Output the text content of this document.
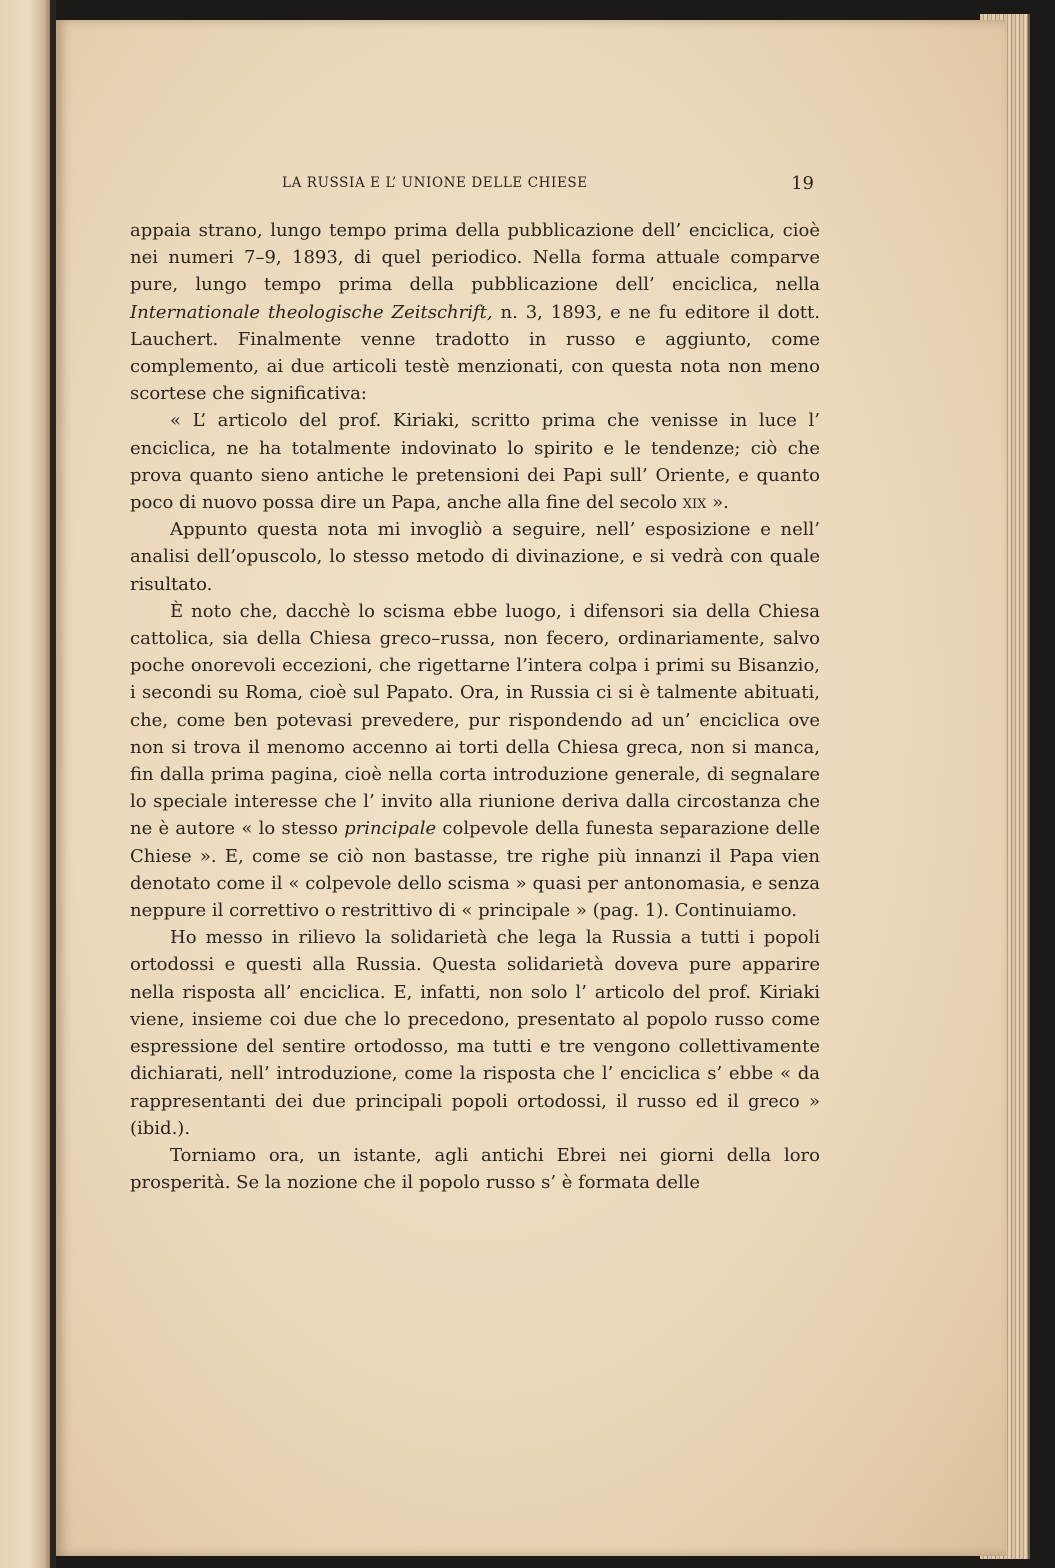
LA RUSSIA E L’ UNIONE DELLE CHIESE	19

appaia strano, lungo tempo prima della pubblicazione dell’ enciclica, cioè nei numeri 7–9, 1893, di quel periodico. Nella forma attuale comparve pure, lungo tempo prima della pubblicazione dell’ enciclica, nella Internationale theologische Zeitschrift, n. 3, 1893, e ne fu editore il dott. Lauchert. Finalmente venne tradotto in russo e aggiunto, come complemento, ai due articoli testè menzionati, con questa nota non meno scortese che significativa:

« L’ articolo del prof. Kiriaki, scritto prima che venisse in luce l’ enciclica, ne ha totalmente indovinato lo spirito e le tendenze; ciò che prova quanto sieno antiche le pretensioni dei Papi sull’ Oriente, e quanto poco di nuovo possa dire un Papa, anche alla fine del secolo xix ».

Appunto questa nota mi invogliò a seguire, nell’ esposizione e nell’ analisi dell’opuscolo, lo stesso metodo di divinazione, e si vedrà con quale risultato.

È noto che, dacchè lo scisma ebbe luogo, i difensori sia della Chiesa cattolica, sia della Chiesa greco–russa, non fecero, ordinariamente, salvo poche onorevoli eccezioni, che rigettarne l’intera colpa i primi su Bisanzio, i secondi su Roma, cioè sul Papato. Ora, in Russia ci si è talmente abituati, che, come ben potevasi prevedere, pur rispondendo ad un’ enciclica ove non si trova il menomo accenno ai torti della Chiesa greca, non si manca, fin dalla prima pagina, cioè nella corta introduzione generale, di segnalare lo speciale interesse che l’ invito alla riunione deriva dalla circostanza che ne è autore « lo stesso principale colpevole della funesta separazione delle Chiese ». E, come se ciò non bastasse, tre righe più innanzi il Papa vien denotato come il « colpevole dello scisma » quasi per antonomasia, e senza neppure il correttivo o restrittivo di « principale » (pag. 1). Continuiamo.

Ho messo in rilievo la solidarietà che lega la Russia a tutti i popoli ortodossi e questi alla Russia. Questa solidarietà doveva pure apparire nella risposta all’ enciclica. E, infatti, non solo l’ articolo del prof. Kiriaki viene, insieme coi due che lo precedono, presentato al popolo russo come espressione del sentire ortodosso, ma tutti e tre vengono collettivamente dichiarati, nell’ introduzione, come la risposta che l’ enciclica s’ ebbe « da rappresentanti dei due principali popoli ortodossi, il russo ed il greco » (ibid.).

Torniamo ora, un istante, agli antichi Ebrei nei giorni della loro prosperità. Se la nozione che il popolo russo s’ è formata delle
